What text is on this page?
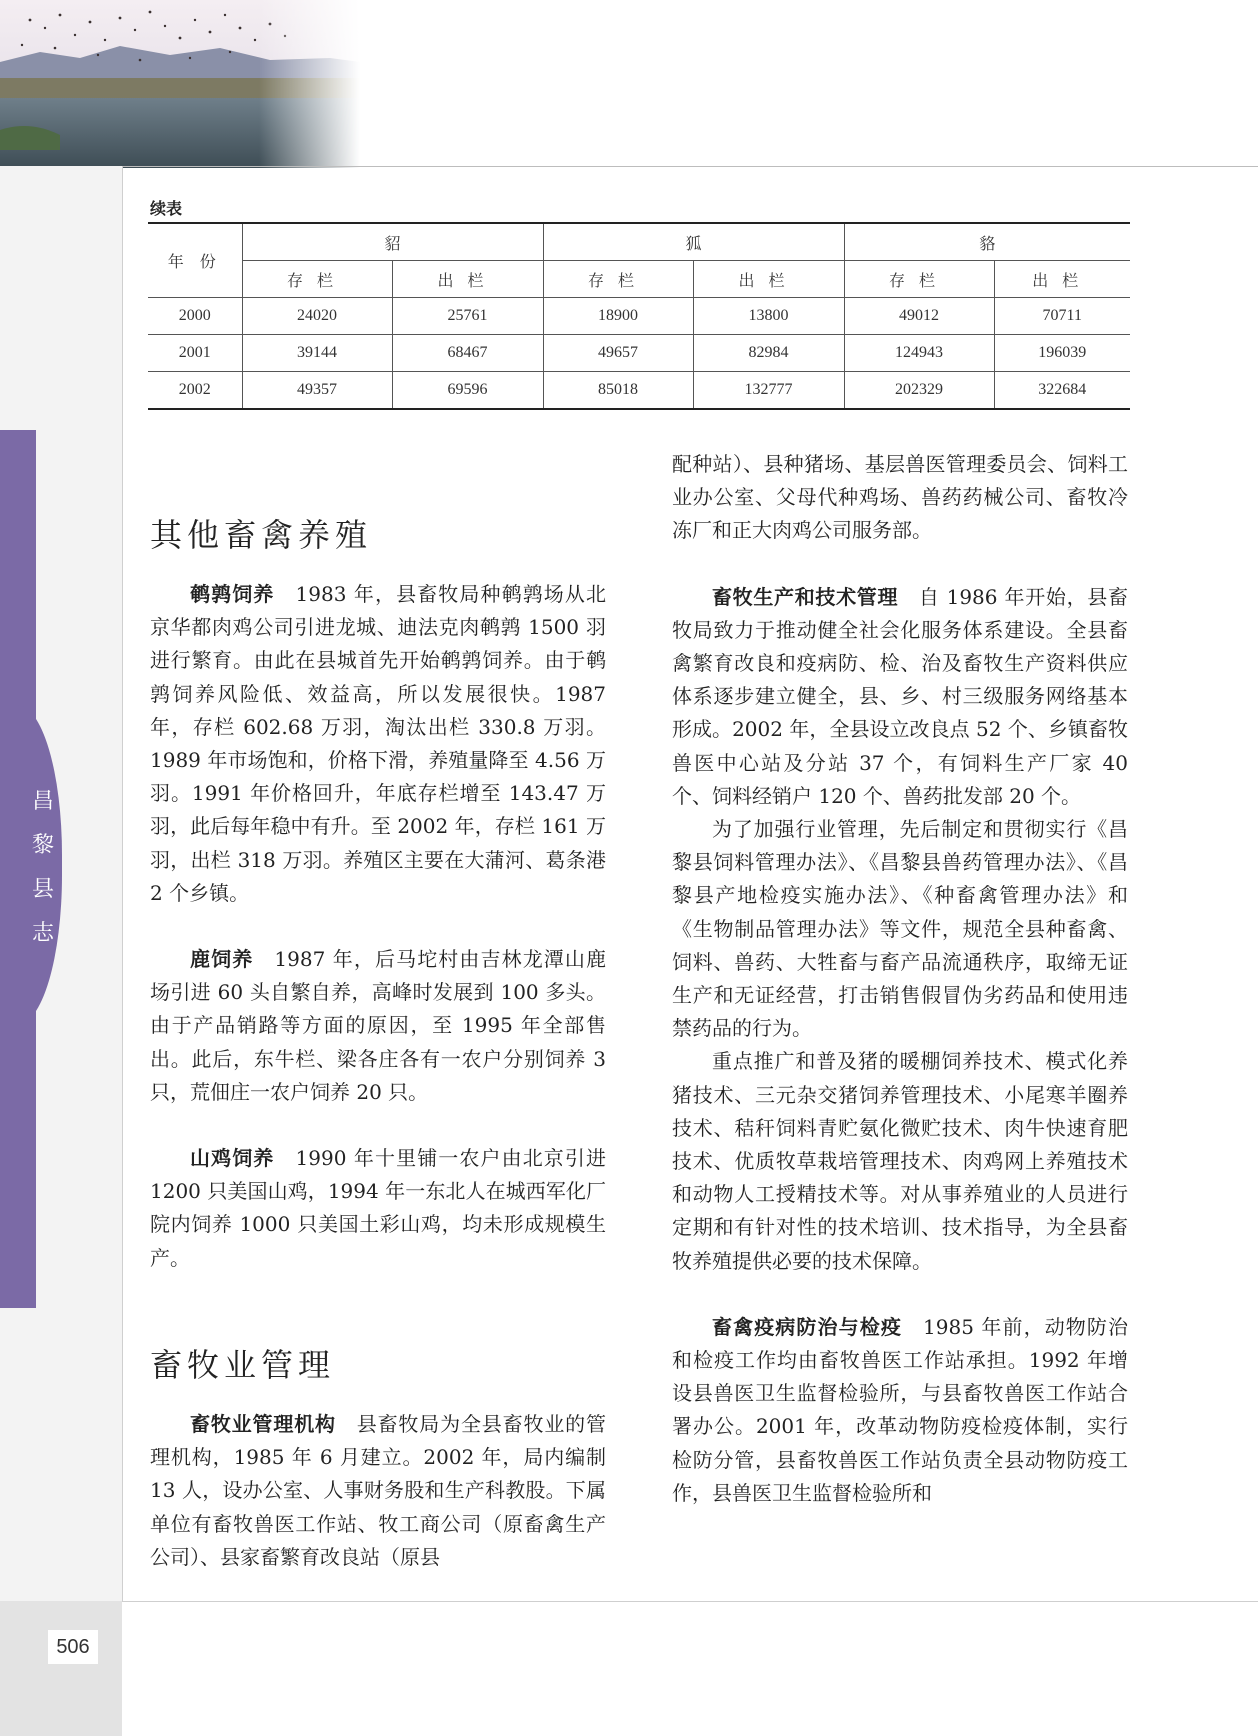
昌黎县志
506
续表
年 份	貂		狐		貉	
	存栏	出栏	存栏	出栏	存栏	出栏
2000	24020	25761	18900	13800	49012	70711
2001	39144	68467	49657	82984	124943	196039
2002	49357	69596	85018	132777	202329	322684
其他畜禽养殖

鹌鹑饲养　 1983 年，县畜牧局种鹌鹑场从北京华都肉鸡公司引进龙城、迪法克肉鹌鹑 1500 羽进行繁育。由此在县城首先开始鹌鹑饲养。由于鹌鹑饲养风险低、效益高，所以发展很快。1987 年，存栏 602.68 万羽，淘汰出栏 330.8 万羽。1989 年市场饱和，价格下滑，养殖量降至 4.56 万羽。1991 年价格回升，年底存栏增至 143.47 万羽，此后每年稳中有升。至 2002 年，存栏 161 万羽，出栏 318 万羽。养殖区主要在大蒲河、葛条港 2 个乡镇。

鹿饲养　 1987 年，后马坨村由吉林龙潭山鹿场引进 60 头自繁自养，高峰时发展到 100 多头。由于产品销路等方面的原因，至 1995 年全部售出。此后，东牛栏、梁各庄各有一农户分别饲养 3 只，荒佃庄一农户饲养 20 只。

山鸡饲养　 1990 年十里铺一农户由北京引进 1200 只美国山鸡，1994 年一东北人在城西军化厂院内饲养 1000 只美国土彩山鸡，均未形成规模生产。

畜牧业管理

畜牧业管理机构　 县畜牧局为全县畜牧业的管理机构，1985 年 6 月建立。2002 年，局内编制 13 人，设办公室、人事财务股和生产科教股。下属单位有畜牧兽医工作站、牧工商公司（原畜禽生产公司）、县家畜繁育改良站（原县

配种站）、县种猪场、基层兽医管理委员会、饲料工业办公室、父母代种鸡场、兽药药械公司、畜牧冷冻厂和正大肉鸡公司服务部。

畜牧生产和技术管理　 自 1986 年开始，县畜牧局致力于推动健全社会化服务体系建设。全县畜禽繁育改良和疫病防、检、治及畜牧生产资料供应体系逐步建立健全，县、乡、村三级服务网络基本形成。2002 年，全县设立改良点 52 个、乡镇畜牧兽医中心站及分站 37 个，有饲料生产厂家 40 个、饲料经销户 120 个、兽药批发部 20 个。

为了加强行业管理，先后制定和贯彻实行《昌黎县饲料管理办法》、《昌黎县兽药管理办法》、《昌黎县产地检疫实施办法》、《种畜禽管理办法》和《生物制品管理办法》等文件，规范全县种畜禽、饲料、兽药、大牲畜与畜产品流通秩序，取缔无证生产和无证经营，打击销售假冒伪劣药品和使用违禁药品的行为。

重点推广和普及猪的暖棚饲养技术、模式化养猪技术、三元杂交猪饲养管理技术、小尾寒羊圈养技术、秸秆饲料青贮氨化微贮技术、肉牛快速育肥技术、优质牧草栽培管理技术、肉鸡网上养殖技术和动物人工授精技术等。对从事养殖业的人员进行定期和有针对性的技术培训、技术指导，为全县畜牧养殖提供必要的技术保障。

畜禽疫病防治与检疫　 1985 年前，动物防治和检疫工作均由畜牧兽医工作站承担。1992 年增设县兽医卫生监督检验所，与县畜牧兽医工作站合署办公。2001 年，改革动物防疫检疫体制，实行检防分管，县畜牧兽医工作站负责全县动物防疫工作，县兽医卫生监督检验所和
